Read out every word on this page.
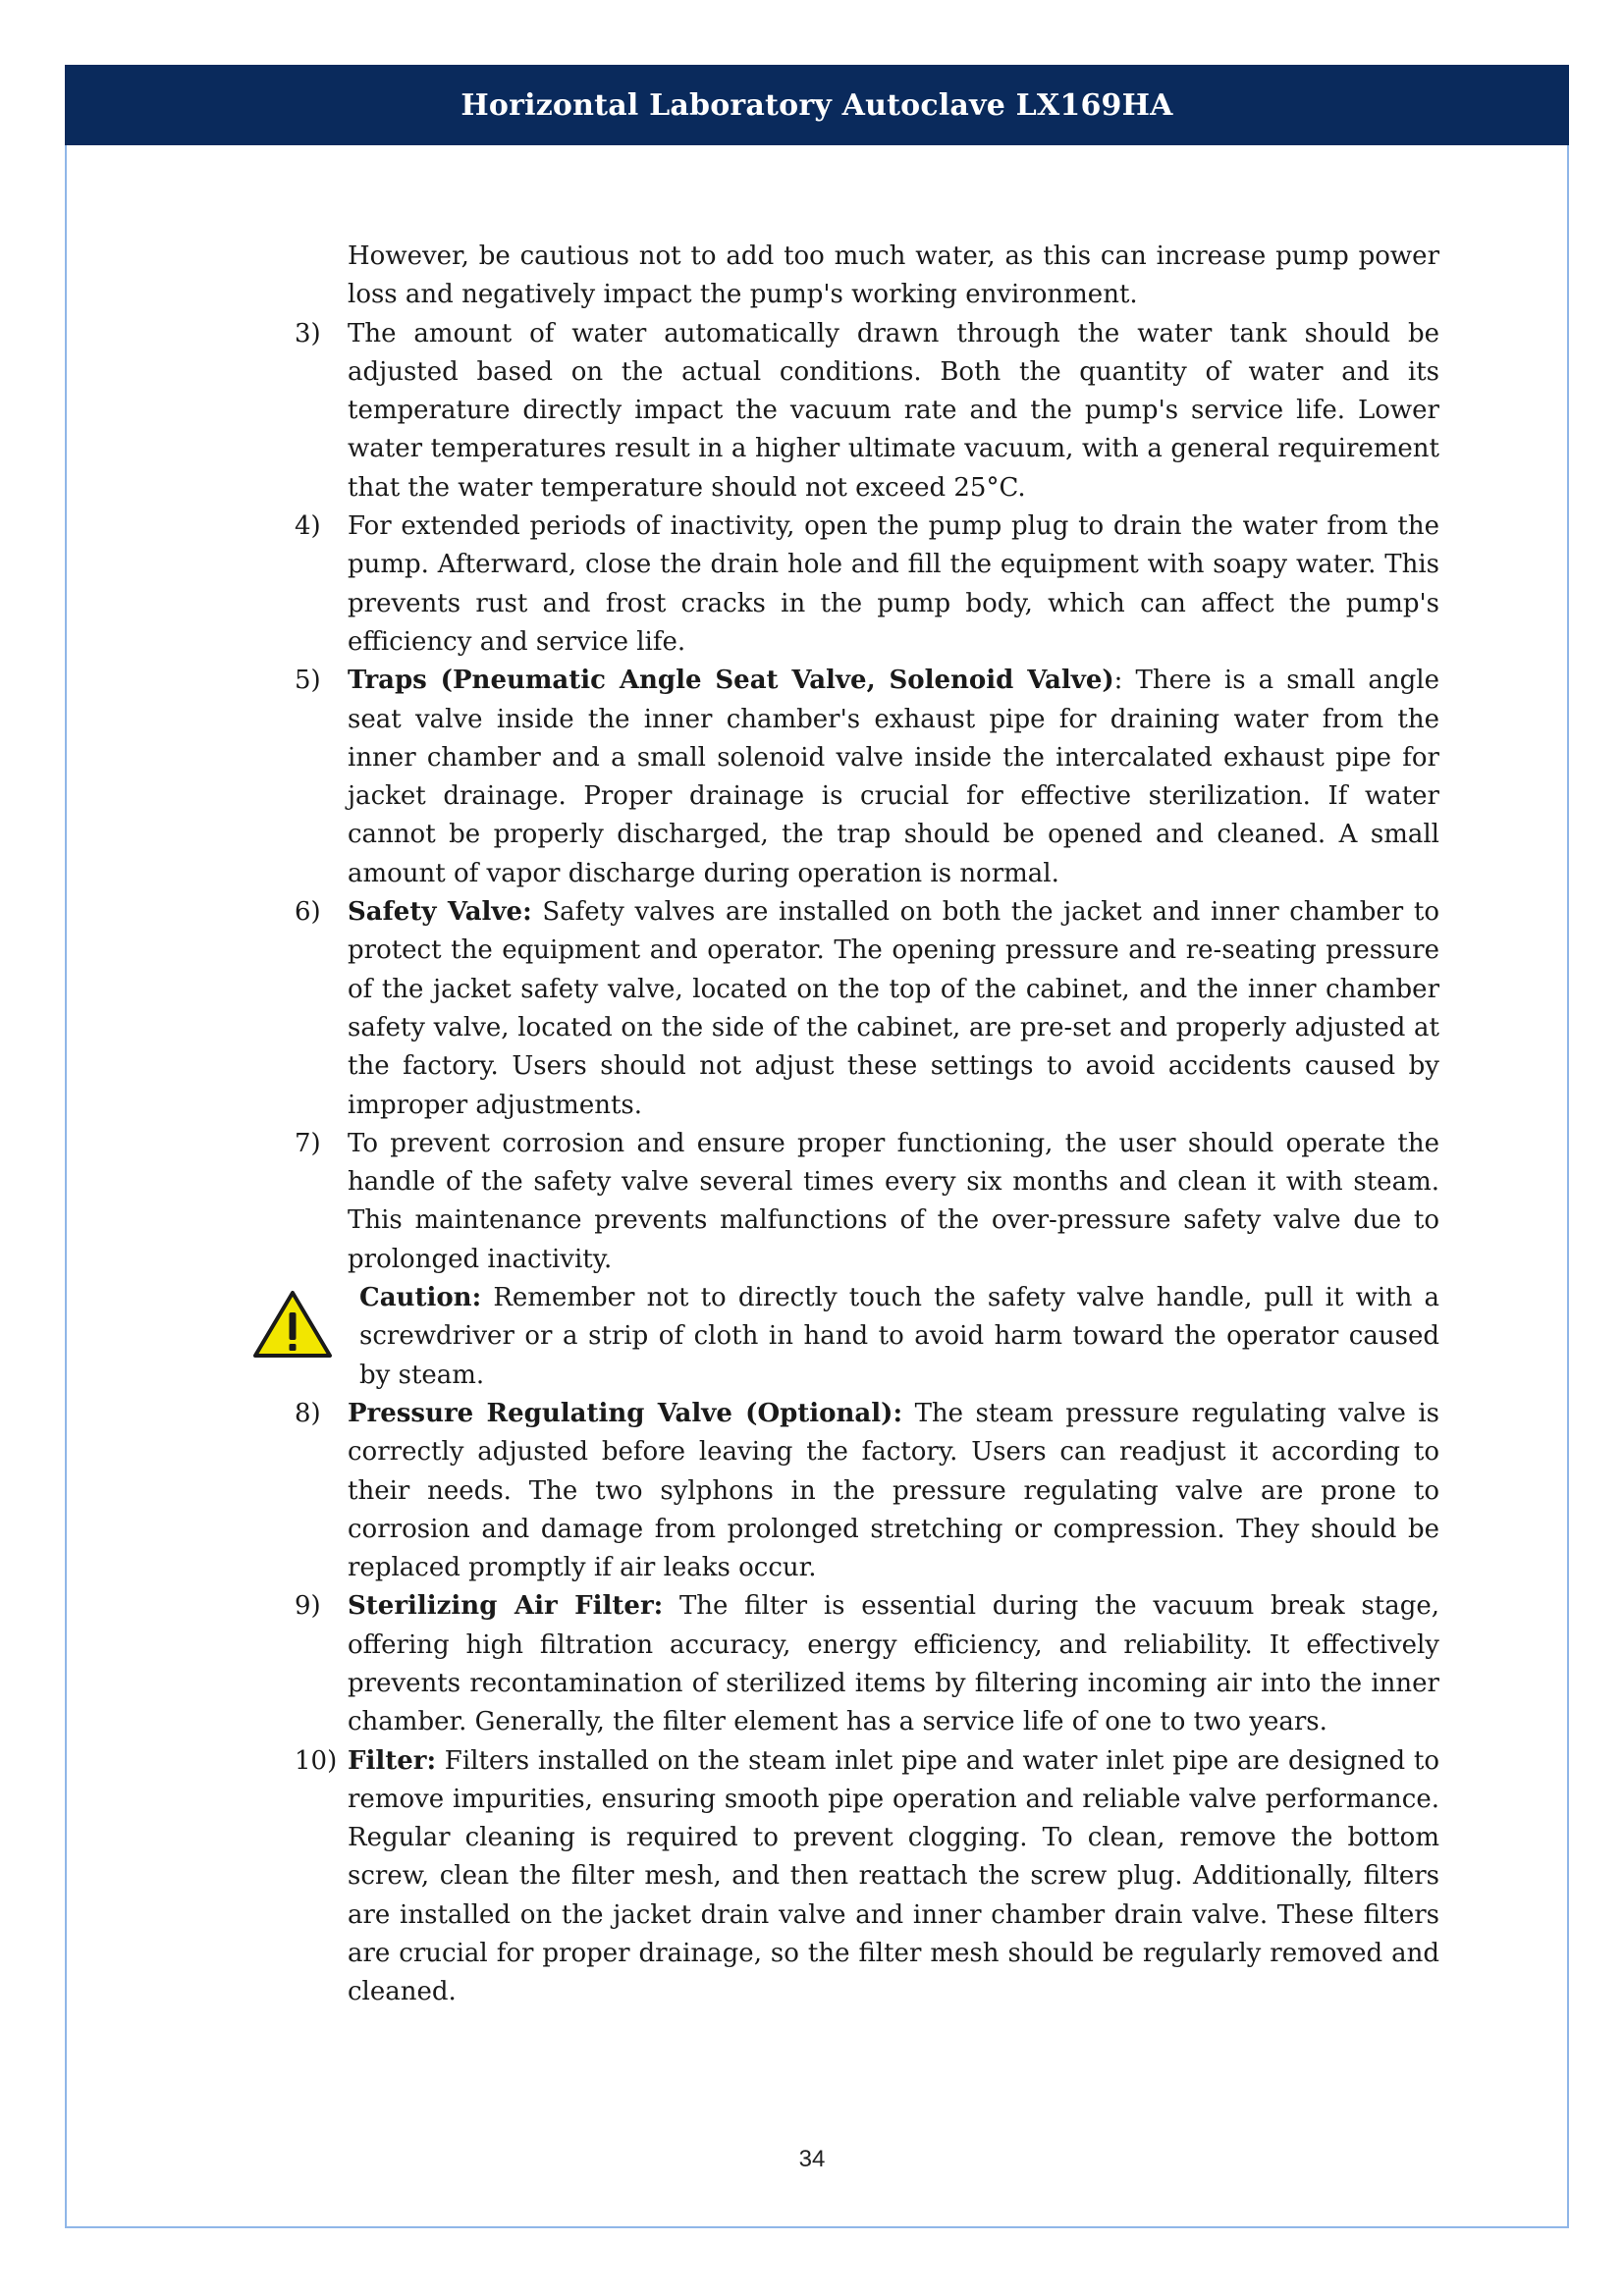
Horizontal Laboratory Autoclave LX169HA
However, be cautious not to add too much water, as this can increase pump power loss and negatively impact the pump's working environment.
3)	The amount of water automatically drawn through the water tank should be adjusted based on the actual conditions. Both the quantity of water and its temperature directly impact the vacuum rate and the pump's service life. Lower water temperatures result in a higher ultimate vacuum, with a general requirement that the water temperature should not exceed 25°C.
4)	For extended periods of inactivity, open the pump plug to drain the water from the pump. Afterward, close the drain hole and fill the equipment with soapy water. This prevents rust and frost cracks in the pump body, which can affect the pump's efficiency and service life.
5)	Traps (Pneumatic Angle Seat Valve, Solenoid Valve): There is a small angle seat valve inside the inner chamber's exhaust pipe for draining water from the inner chamber and a small solenoid valve inside the intercalated exhaust pipe for jacket drainage. Proper drainage is crucial for effective sterilization. If water cannot be properly discharged, the trap should be opened and cleaned. A small amount of vapor discharge during operation is normal.
6)	Safety Valve: Safety valves are installed on both the jacket and inner chamber to protect the equipment and operator. The opening pressure and re-seating pressure of the jacket safety valve, located on the top of the cabinet, and the inner chamber safety valve, located on the side of the cabinet, are pre-set and properly adjusted at the factory. Users should not adjust these settings to avoid accidents caused by improper adjustments.
7)	To prevent corrosion and ensure proper functioning, the user should operate the handle of the safety valve several times every six months and clean it with steam. This maintenance prevents malfunctions of the over-pressure safety valve due to prolonged inactivity.
Caution: Remember not to directly touch the safety valve handle, pull it with a screwdriver or a strip of cloth in hand to avoid harm toward the operator caused by steam.
8)	Pressure Regulating Valve (Optional): The steam pressure regulating valve is correctly adjusted before leaving the factory. Users can readjust it according to their needs. The two sylphons in the pressure regulating valve are prone to corrosion and damage from prolonged stretching or compression. They should be replaced promptly if air leaks occur.
9)	Sterilizing Air Filter: The filter is essential during the vacuum break stage, offering high filtration accuracy, energy efficiency, and reliability. It effectively prevents recontamination of sterilized items by filtering incoming air into the inner chamber. Generally, the filter element has a service life of one to two years.
10) Filter: Filters installed on the steam inlet pipe and water inlet pipe are designed to remove impurities, ensuring smooth pipe operation and reliable valve performance. Regular cleaning is required to prevent clogging. To clean, remove the bottom screw, clean the filter mesh, and then reattach the screw plug. Additionally, filters are installed on the jacket drain valve and inner chamber drain valve. These filters are crucial for proper drainage, so the filter mesh should be regularly removed and cleaned.
34
